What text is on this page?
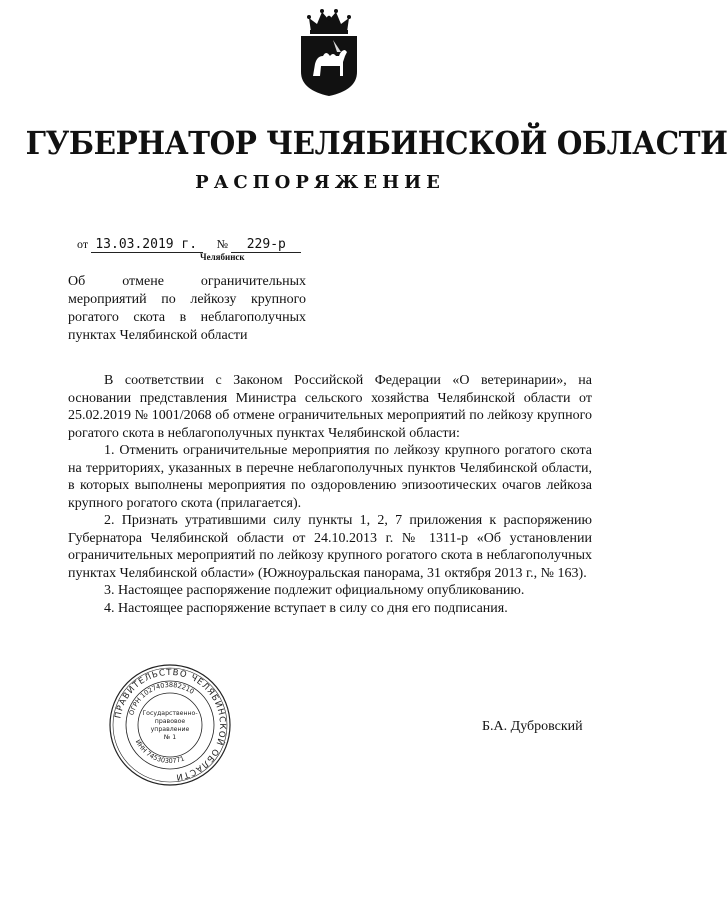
ГУБЕРНАТОР ЧЕЛЯБИНСКОЙ ОБЛАСТИ
РАСПОРЯЖЕНИЕ
от 13.03.2019 г. № 229-р
Челябинск
Об отмене ограничительных
мероприятий по лейкозу крупного
рогатого скота в неблагополучных
пунктах Челябинской области

В соответствии с Законом Российской Федерации «О ветеринарии», на основании представления Министра сельского хозяйства Челябинской области от 25.02.2019 № 1001/2068 об отмене ограничительных мероприятий по лейкозу крупного рогатого скота в неблагополучных пунктах Челябинской области:

1. Отменить ограничительные мероприятия по лейкозу крупного рогатого скота на территориях, указанных в перечне неблагополучных пунктов Челябинской области, в которых выполнены мероприятия по оздоровлению эпизоотических очагов лейкоза крупного рогатого скота (прилагается).

2. Признать утратившими силу пункты 1, 2, 7 приложения к распоряжению Губернатора Челябинской области от 24.10.2013 г. № 1311-р «Об установлении ограничительных мероприятий по лейкозу крупного рогатого скота в неблагополучных пунктах Челябинской области» (Южноуральская панорама, 31 октября 2013 г., № 163).

3. Настоящее распоряжение подлежит официальному опубликованию.

4. Настоящее распоряжение вступает в силу со дня его подписания.

ПРАВИТЕЛЬСТВО ЧЕЛЯБИНСКОЙ ОБЛАСТИ
ОГРН 1027403882210
ИНН 7453030771
Государственно-
правовое
управление
№ 1
Б.А. Дубровский
